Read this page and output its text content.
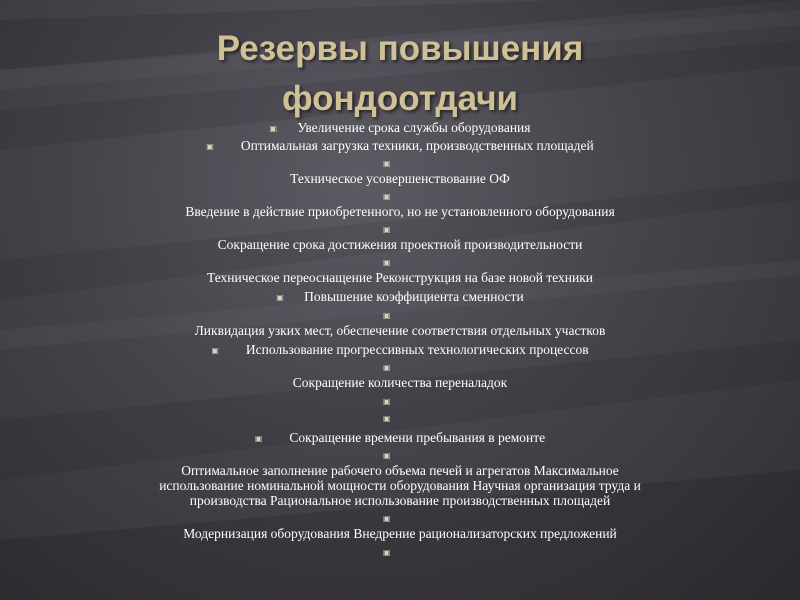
Резервы повышения
фондоотдачи
▣ Увеличение срока службы оборудования
▣ Оптимальная загрузка техники, производственных площадей
▣
Техническое усовершенствование ОФ
▣
Введение в действие приобретенного, но не установленного оборудования
▣
Сокращение срока достижения проектной производительности
▣
Техническое переоснащение Реконструкция на базе новой техники
▣ Повышение коэффициента сменности
▣
Ликвидация узких мест, обеспечение соответствия отдельных участков
▣ Использование прогрессивных технологических процессов
▣
Сокращение количества переналадок
▣
▣
▣ Сокращение времени пребывания в ремонте
▣
Оптимальное заполнение рабочего объема печей и агрегатов Максимальное
использование номинальной мощности оборудования Научная организация труда и
производства Рациональное использование производственных площадей
▣
Модернизация оборудования Внедрение рационализаторских предложений
▣
